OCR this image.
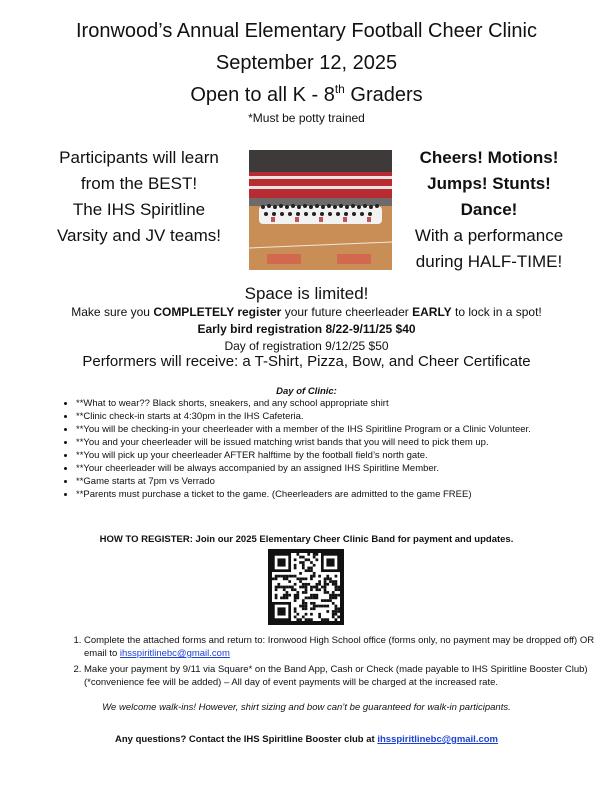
Ironwood’s Annual Elementary Football Cheer Clinic
September 12, 2025
Open to all K - 8th Graders
*Must be potty trained
Participants will learn
from the BEST!
The IHS Spiritline
Varsity and JV teams!
Cheers! Motions!
Jumps! Stunts!
Dance!
With a performance
during HALF-TIME!
Space is limited!
Make sure you COMPLETELY register your future cheerleader EARLY to lock in a spot!
Early bird registration 8/22-9/11/25 $40
Day of registration 9/12/25 $50
Performers will receive: a T-Shirt, Pizza, Bow, and Cheer Certificate
Day of Clinic:
• **What to wear?? Black shorts, sneakers, and any school appropriate shirt
• **Clinic check-in starts at 4:30pm in the IHS Cafeteria.
• **You will be checking-in your cheerleader with a member of the IHS Spiritline Program or a Clinic Volunteer.
• **You and your cheerleader will be issued matching wrist bands that you will need to pick them up.
• **You will pick up your cheerleader AFTER halftime by the football field’s north gate.
• **Your cheerleader will be always accompanied by an assigned IHS Spiritline Member.
• **Game starts at 7pm vs Verrado
• **Parents must purchase a ticket to the game. (Cheerleaders are admitted to the game FREE)
HOW TO REGISTER: Join our 2025 Elementary Cheer Clinic Band for payment and updates.
1. Complete the attached forms and return to: Ironwood High School office (forms only, no payment may be dropped off) OR email to ihsspiritlinebc@gmail.com
2. Make your payment by 9/11 via Square* on the Band App, Cash or Check (made payable to IHS Spiritline Booster Club) (*convenience fee will be added) – All day of event payments will be charged at the increased rate.
We welcome walk-ins! However, shirt sizing and bow can’t be guaranteed for walk-in participants.
Any questions? Contact the IHS Spiritline Booster club at ihsspiritlinebc@gmail.com
